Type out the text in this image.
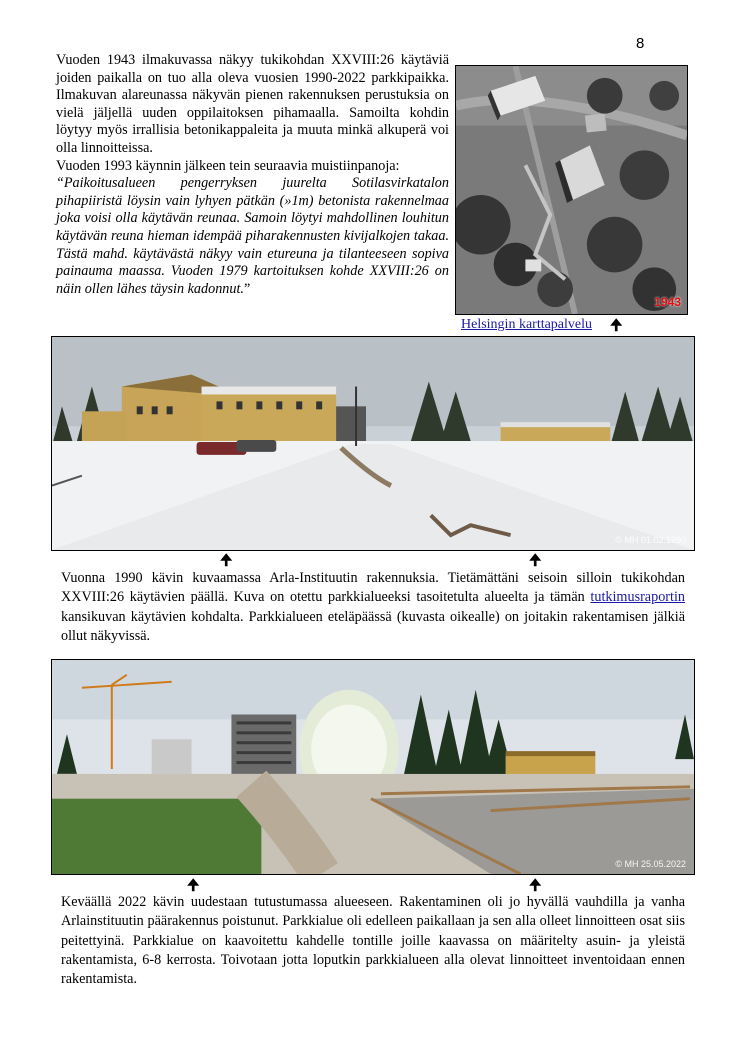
8

Vuoden 1943 ilmakuvassa näkyy tukikohdan XXVIII:26 käytäviä joiden paikalla on tuo alla oleva vuosien 1990-2022 parkkipaikka. Ilmakuvan alareunassa näkyvän pienen rakennuksen perustuksia on vielä jäljellä uuden oppilaitoksen pihamaalla. Samoilta kohdin löytyy myös irrallisia betonikappaleita ja muuta minkä alkuperä voi olla linnoitteissa.

Vuoden 1993 käynnin jälkeen tein seuraavia muistiinpanoja:

“Paikoitusalueen pengerryksen juurelta Sotilasvirkatalon pihapiiristä löysin vain lyhyen pätkän (»1m) betonista rakennelmaa joka voisi olla käytävän reunaa. Samoin löytyi mahdollinen louhitun käytävän reuna hieman idempää piharakennusten kivijalkojen takaa. Tästä mahd. käytävästä näkyy vain etureuna ja tilanteeseen sopiva painauma maassa. Vuoden 1979 kartoituksen kohde XXVIII:26 on näin ollen lähes täysin kadonnut.”

1943
Helsingin karttapalvelu 🠉
© MH 01.02.1990
🠉	🠉
Vuonna 1990 kävin kuvaamassa Arla-Instituutin rakennuksia. Tietämättäni seisoin silloin tukikohdan XXVIII:26 käytävien päällä. Kuva on otettu parkkialueeksi tasoitetulta alueelta ja tämän tutkimusraportin kansikuvan käytävien kohdalta. Parkkialueen eteläpäässä (kuvasta oikealle) on joitakin rakentamisen jälkiä ollut näkyvissä.
© MH 25.05.2022
🠉	🠉
Keväällä 2022 kävin uudestaan tutustumassa alueeseen. Rakentaminen oli jo hyvällä vauhdilla ja vanha Arlainstituutin päärakennus poistunut. Parkkialue oli edelleen paikallaan ja sen alla olleet linnoitteen osat siis peitettyinä. Parkkialue on kaavoitettu kahdelle tontille joille kaavassa on määritelty asuin- ja yleistä rakentamista, 6-8 kerrosta. Toivotaan jotta loputkin parkkialueen alla olevat linnoitteet inventoidaan ennen rakentamista.
